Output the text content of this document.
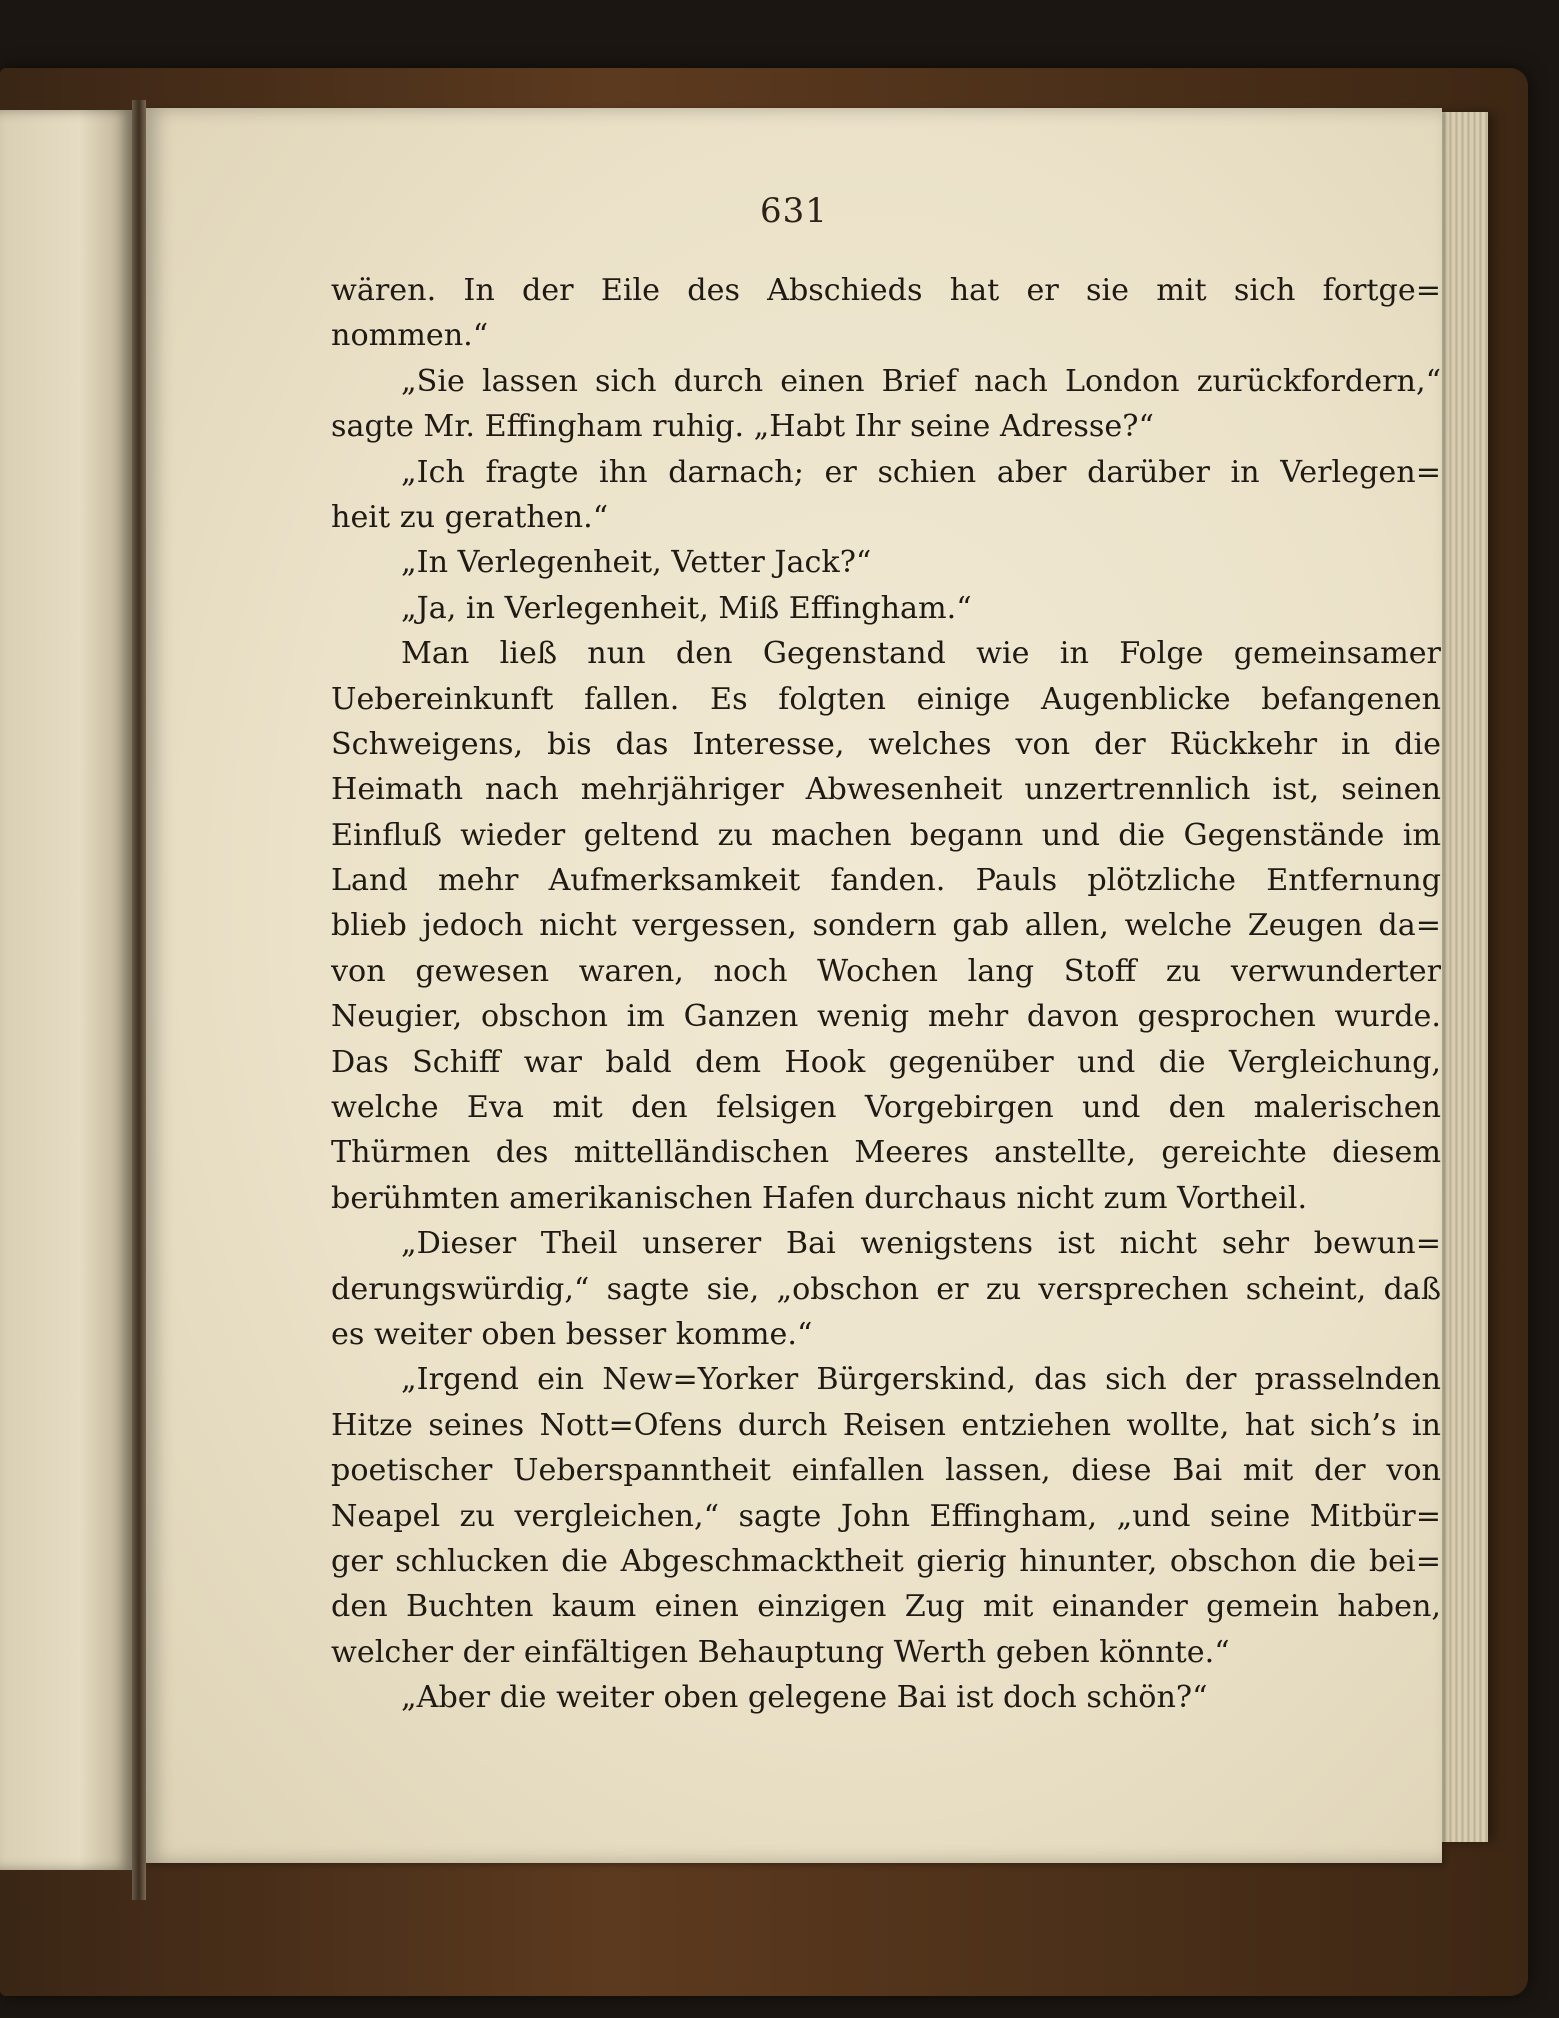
631
wären. In der Eile des Abschieds hat er sie mit sich fortge=
nommen.“
„Sie lassen sich durch einen Brief nach London zurückfordern,“
sagte Mr. Effingham ruhig. „Habt Ihr seine Adresse?“
„Ich fragte ihn darnach; er schien aber darüber in Verlegen=
heit zu gerathen.“
„In Verlegenheit, Vetter Jack?“
„Ja, in Verlegenheit, Miß Effingham.“
Man ließ nun den Gegenstand wie in Folge gemeinsamer
Uebereinkunft fallen. Es folgten einige Augenblicke befangenen
Schweigens, bis das Interesse, welches von der Rückkehr in die
Heimath nach mehrjähriger Abwesenheit unzertrennlich ist, seinen
Einfluß wieder geltend zu machen begann und die Gegenstände im
Land mehr Aufmerksamkeit fanden. Pauls plötzliche Entfernung
blieb jedoch nicht vergessen, sondern gab allen, welche Zeugen da=
von gewesen waren, noch Wochen lang Stoff zu verwunderter
Neugier, obschon im Ganzen wenig mehr davon gesprochen wurde.
Das Schiff war bald dem Hook gegenüber und die Vergleichung,
welche Eva mit den felsigen Vorgebirgen und den malerischen
Thürmen des mittelländischen Meeres anstellte, gereichte diesem
berühmten amerikanischen Hafen durchaus nicht zum Vortheil.
„Dieser Theil unserer Bai wenigstens ist nicht sehr bewun=
derungswürdig,“ sagte sie, „obschon er zu versprechen scheint, daß
es weiter oben besser komme.“
„Irgend ein New=Yorker Bürgerskind, das sich der prasselnden
Hitze seines Nott=Ofens durch Reisen entziehen wollte, hat sich’s in
poetischer Ueberspanntheit einfallen lassen, diese Bai mit der von
Neapel zu vergleichen,“ sagte John Effingham, „und seine Mitbür=
ger schlucken die Abgeschmacktheit gierig hinunter, obschon die bei=
den Buchten kaum einen einzigen Zug mit einander gemein haben,
welcher der einfältigen Behauptung Werth geben könnte.“
„Aber die weiter oben gelegene Bai ist doch schön?“
